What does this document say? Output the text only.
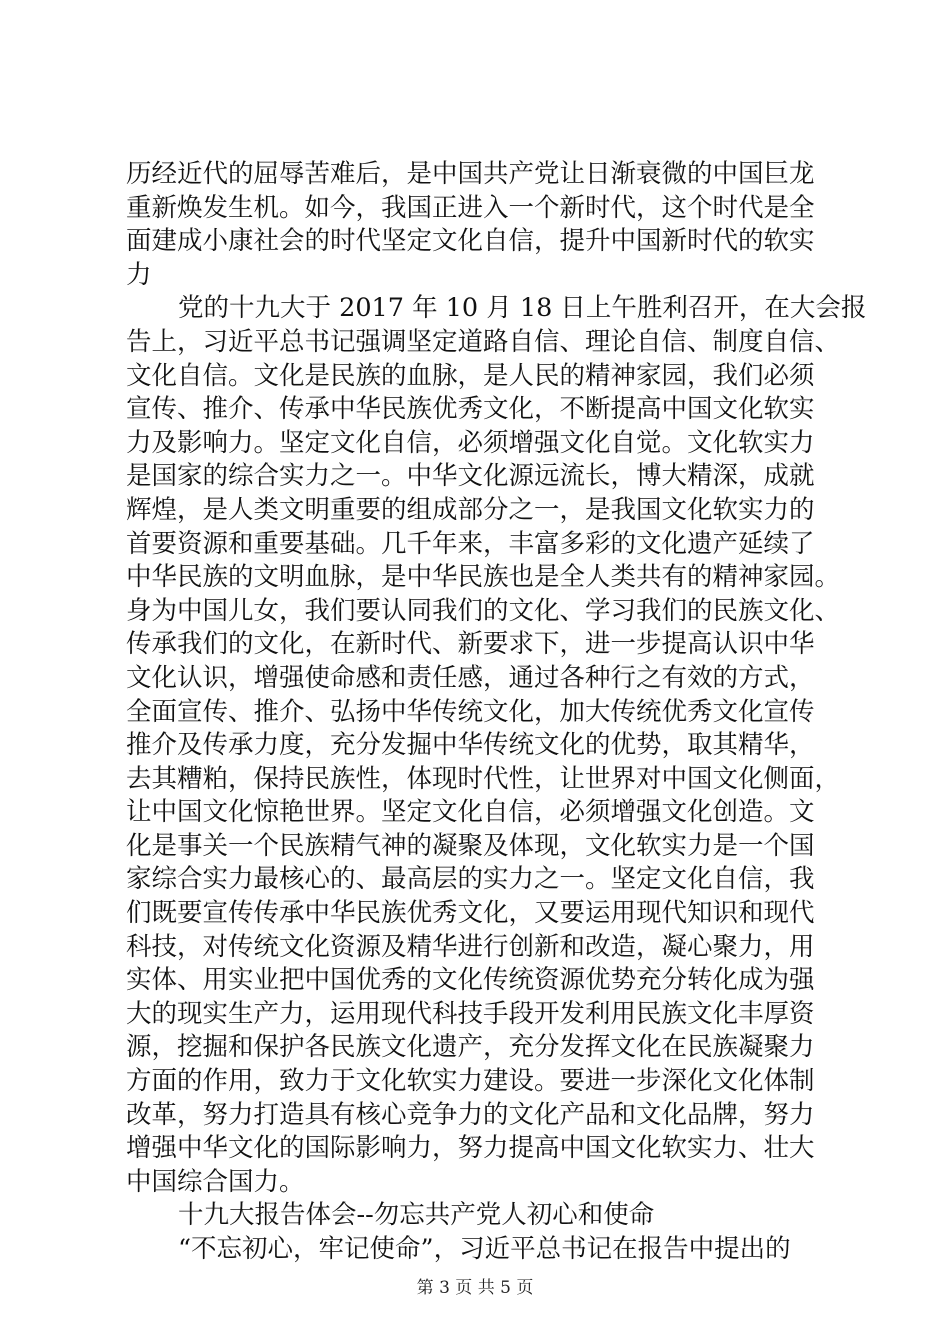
历经近代的屈辱苦难后，是中国共产党让日渐衰微的中国巨龙

重新焕发生机。如今，我国正进入一个新时代，这个时代是全

面建成小康社会的时代坚定文化自信，提升中国新时代的软实

力

党的十九大于 2017 年 10 月 18 日上午胜利召开，在大会报

告上，习近平总书记强调坚定道路自信、理论自信、制度自信、

文化自信。文化是民族的血脉，是人民的精神家园，我们必须

宣传、推介、传承中华民族优秀文化，不断提高中国文化软实

力及影响力。坚定文化自信，必须增强文化自觉。文化软实力

是国家的综合实力之一。中华文化源远流长，博大精深，成就

辉煌，是人类文明重要的组成部分之一，是我国文化软实力的

首要资源和重要基础。几千年来，丰富多彩的文化遗产延续了

中华民族的文明血脉，是中华民族也是全人类共有的精神家园。

身为中国儿女，我们要认同我们的文化、学习我们的民族文化、

传承我们的文化，在新时代、新要求下，进一步提高认识中华

文化认识，增强使命感和责任感，通过各种行之有效的方式，

全面宣传、推介、弘扬中华传统文化，加大传统优秀文化宣传

推介及传承力度，充分发掘中华传统文化的优势，取其精华，

去其糟粕，保持民族性，体现时代性，让世界对中国文化侧面，

让中国文化惊艳世界。坚定文化自信，必须增强文化创造。文

化是事关一个民族精气神的凝聚及体现，文化软实力是一个国

家综合实力最核心的、最高层的实力之一。坚定文化自信，我

们既要宣传传承中华民族优秀文化，又要运用现代知识和现代

科技，对传统文化资源及精华进行创新和改造，凝心聚力，用

实体、用实业把中国优秀的文化传统资源优势充分转化成为强

大的现实生产力，运用现代科技手段开发利用民族文化丰厚资

源，挖掘和保护各民族文化遗产，充分发挥文化在民族凝聚力

方面的作用，致力于文化软实力建设。要进一步深化文化体制

改革，努力打造具有核心竞争力的文化产品和文化品牌，努力

增强中华文化的国际影响力，努力提高中国文化软实力、壮大

中国综合国力。

十九大报告体会--勿忘共产党人初心和使命

“不忘初心，牢记使命”，习近平总书记在报告中提出的

第 3 页 共 5 页
